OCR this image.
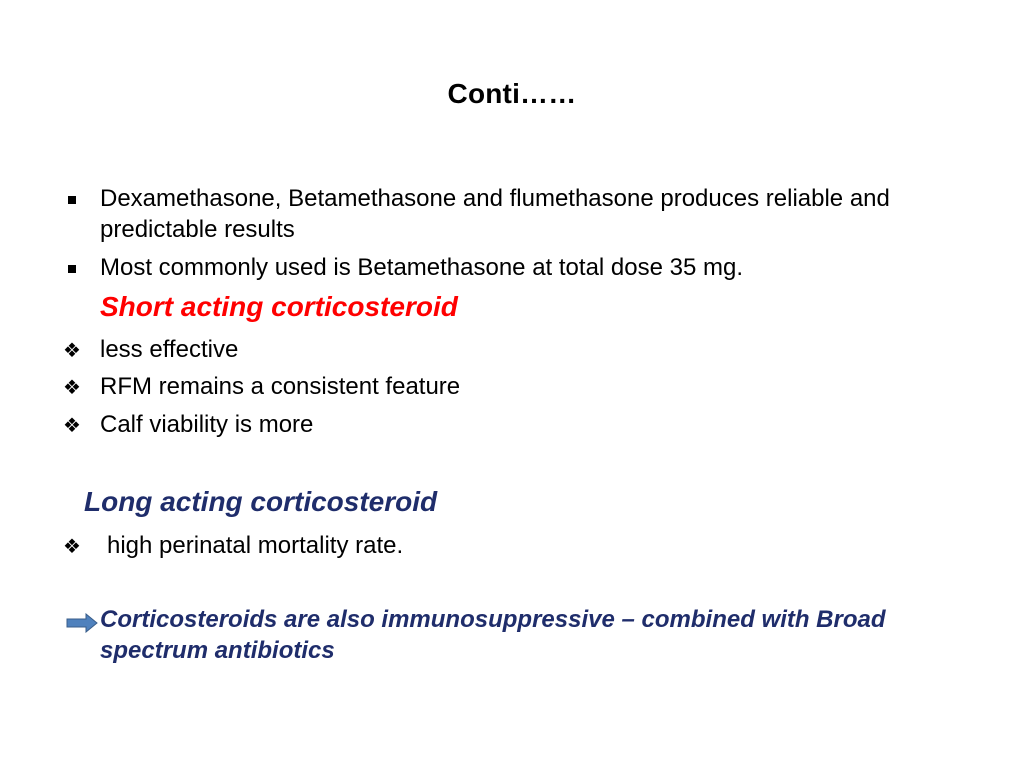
Conti……
Dexamethasone, Betamethasone and flumethasone produces reliable and
predictable results
Most commonly used is Betamethasone at total dose 35 mg.
Short acting corticosteroid
❖ less effective
❖ RFM remains a consistent feature
❖ Calf viability is more
Long acting corticosteroid
❖ high perinatal mortality rate.
Corticosteroids are also immunosuppressive – combined with Broad
spectrum antibiotics
